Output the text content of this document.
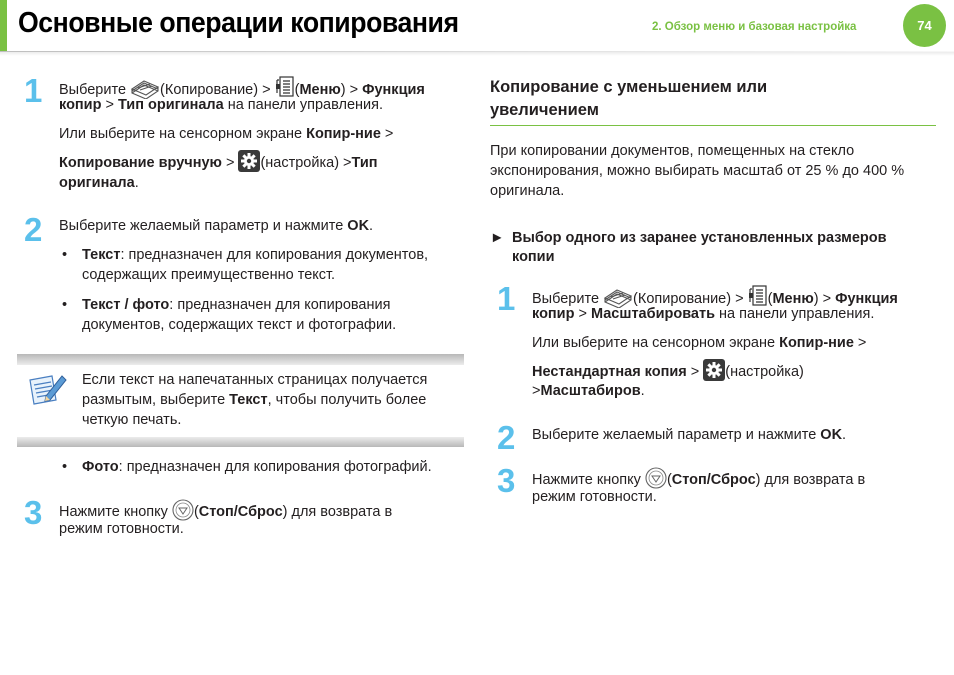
Основные операции копирования	2. Обзор меню и базовая настройка	74
1 Выберите (Копирование) > (Меню) > Функция
копир > Тип оригинала на панели управления.
Или выберите на сенсорном экране Копир-ние >
Копирование вручную > (настройка) >Тип
оригинала.
2 Выберите желаемый параметр и нажмите OK.
• Текст: предназначен для копирования документов,
содержащих преимущественно текст.
• Текст / фото: предназначен для копирования
документов, содержащих текст и фотографии.
Если текст на напечатанных страницах получается
размытым, выберите Текст, чтобы получить более
четкую печать.
• Фото: предназначен для копирования фотографий.
3 Нажмите кнопку (Стоп/Сброс) для возврата в
режим готовности.
Копирование с уменьшением или
увеличением
При копировании документов, помещенных на стекло
экспонирования, можно выбирать масштаб от 25 % до 400 %
оригинала.
► Выбор одного из заранее установленных размеров
копии
1 Выберите (Копирование) > (Меню) > Функция
копир > Масштабировать на панели управления.
Или выберите на сенсорном экране Копир-ние >
Нестандартная копия > (настройка)
>Масштабиров.
2 Выберите желаемый параметр и нажмите OK.
3 Нажмите кнопку (Стоп/Сброс) для возврата в
режим готовности.
